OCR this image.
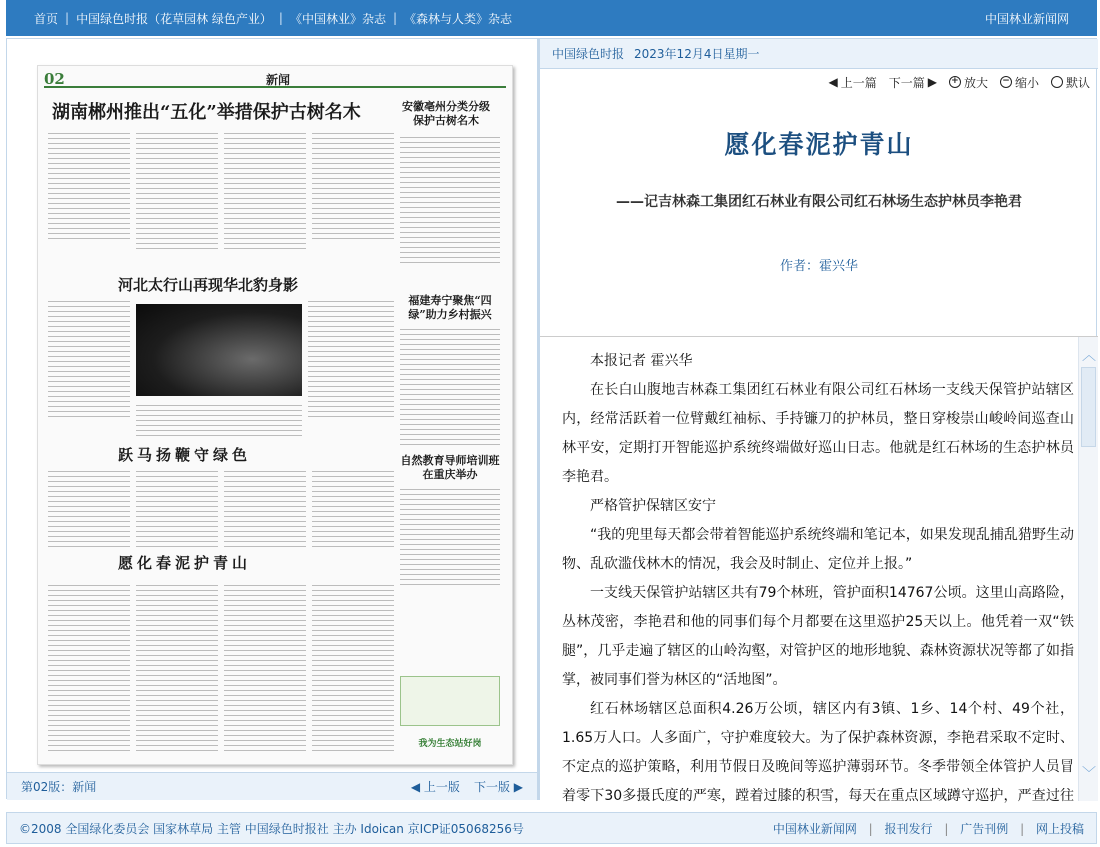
首页 | 中国绿色时报（花草园林 绿色产业） | 《中国林业》杂志 | 《森林与人类》杂志	中国林业新闻网
02	新闻
湖南郴州推出“五化”举措保护古树名木	安徽亳州分类分级保护古树名木
河北太行山再现华北豹身影
福建寿宁聚焦“四绿”助力乡村振兴
跃马扬鞭守绿色	自然教育导师培训班在重庆举办
愿化春泥护青山
我为生态站好岗
第02版：新闻	◀ 上一版 下一版 ▶
中国绿色时报 2023年12月4日星期一
◀ 上一篇 下一篇 ▶ + 放大 − 缩小 默认
愿化春泥护青山
——记吉林森工集团红石林业有限公司红石林场生态护林员李艳君
作者：霍兴华

本报记者 霍兴华

在长白山腹地吉林森工集团红石林业有限公司红石林场一支线天保管护站辖区内，经常活跃着一位臂戴红袖标、手持镰刀的护林员，整日穿梭崇山峻岭间巡查山林平安，定期打开智能巡护系统终端做好巡山日志。他就是红石林场的生态护林员李艳君。

严格管护保辖区安宁

“我的兜里每天都会带着智能巡护系统终端和笔记本，如果发现乱捕乱猎野生动物、乱砍滥伐林木的情况，我会及时制止、定位并上报。”

一支线天保管护站辖区共有79个林班，管护面积14767公顷。这里山高路险，丛林茂密，李艳君和他的同事们每个月都要在这里巡护25天以上。他凭着一双“铁腿”，几乎走遍了辖区的山岭沟壑，对管护区的地形地貌、森林资源状况等都了如指掌，被同事们誉为林区的“活地图”。

红石林场辖区总面积4.26万公顷，辖区内有3镇、1乡、14个村、49个社，1.65万人口。人多面广，守护难度较大。为了保护森林资源，李艳君采取不定时、不定点的巡护策略，利用节假日及晚间等巡护薄弱环节。冬季带领全体管护人员冒着零下30多摄氏度的严寒，蹚着过膝的积雪，每天在重点区域蹲守巡护，严查过往

︿
﹀
©2008 全国绿化委员会 国家林草局 主管 中国绿色时报社 主办 Idoican 京ICP证05068256号	中国林业新闻网 | 报刊发行 | 广告刊例 | 网上投稿
